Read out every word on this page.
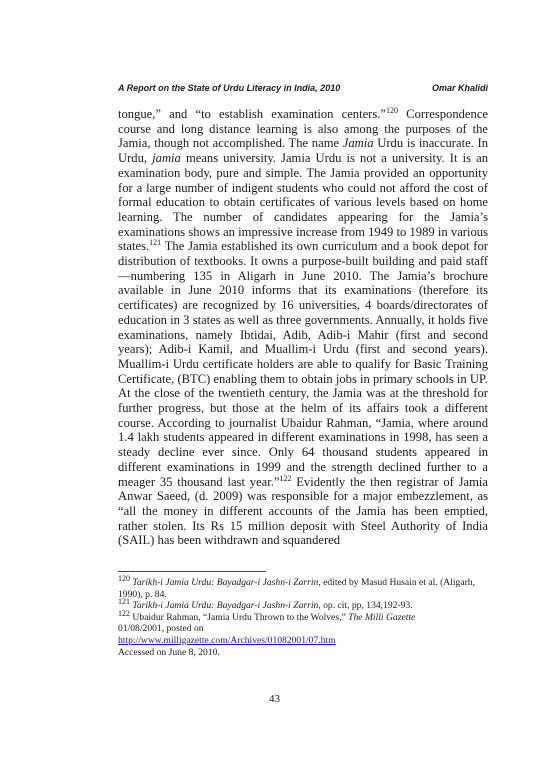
A Report on the State of Urdu Literacy in India, 2010	Omar Khalidi

tongue,” and “to establish examination centers.”$^{120}$ Correspondence course and long distance learning is also among the purposes of the Jamia, though not accomplished. The name Jamia Urdu is inaccurate. In Urdu, jamia means university. Jamia Urdu is not a university. It is an examination body, pure and simple. The Jamia provided an opportunity for a large number of indigent students who could not afford the cost of formal education to obtain certificates of various levels based on home learning. The number of candidates appearing for the Jamia’s examinations shows an impressive increase from 1949 to 1989 in various states.$^{121}$ The Jamia established its own curriculum and a book depot for distribution of textbooks. It owns a purpose-built building and paid staff—numbering 135 in Aligarh in June 2010. The Jamia’s brochure available in June 2010 informs that its examinations (therefore its certificates) are recognized by 16 universities, 4 boards/directorates of education in 3 states as well as three governments. Annually, it holds five examinations, namely Ibtidai, Adib, Adib-i Mahir (first and second years); Adib-i Kamil, and Muallim-i Urdu (first and second years). Muallim-i Urdu certificate holders are able to qualify for Basic Training Certificate, (BTC) enabling them to obtain jobs in primary schools in UP.

At the close of the twentieth century, the Jamia was at the threshold for further progress, but those at the helm of its affairs took a different course. According to journalist Ubaidur Rahman, “Jamia, where around 1.4 lakh students appeared in different examinations in 1998, has seen a steady decline ever since. Only 64 thousand students appeared in different examinations in 1999 and the strength declined further to a meager 35 thousand last year.”$^{122}$ Evidently the then registrar of Jamia Anwar Saeed, (d. 2009) was responsible for a major embezzlement, as “all the money in different accounts of the Jamia has been emptied, rather stolen. Its Rs 15 million deposit with Steel Authority of India (SAIL) has been withdrawn and squandered

$^{120}$ Tarikh-i Jamia Urdu: Bayadgar-i Jashn-i Zarrin, edited by Masud Husain et al. (Aligarh, 1990), p. 84.

$^{121}$ Tarikh-i Jamia Urdu: Bayadgar-i Jashn-i Zarrin, op. cit, pp, 134,192-93.

$^{122}$ Ubaidur Rahman, “Jamia Urdu Thrown to the Wolves,” The Milli Gazette
01/08/2001, posted on
http://www.milligazette.com/Archives/01082001/07.htm
Accessed on June 8, 2010.

43
